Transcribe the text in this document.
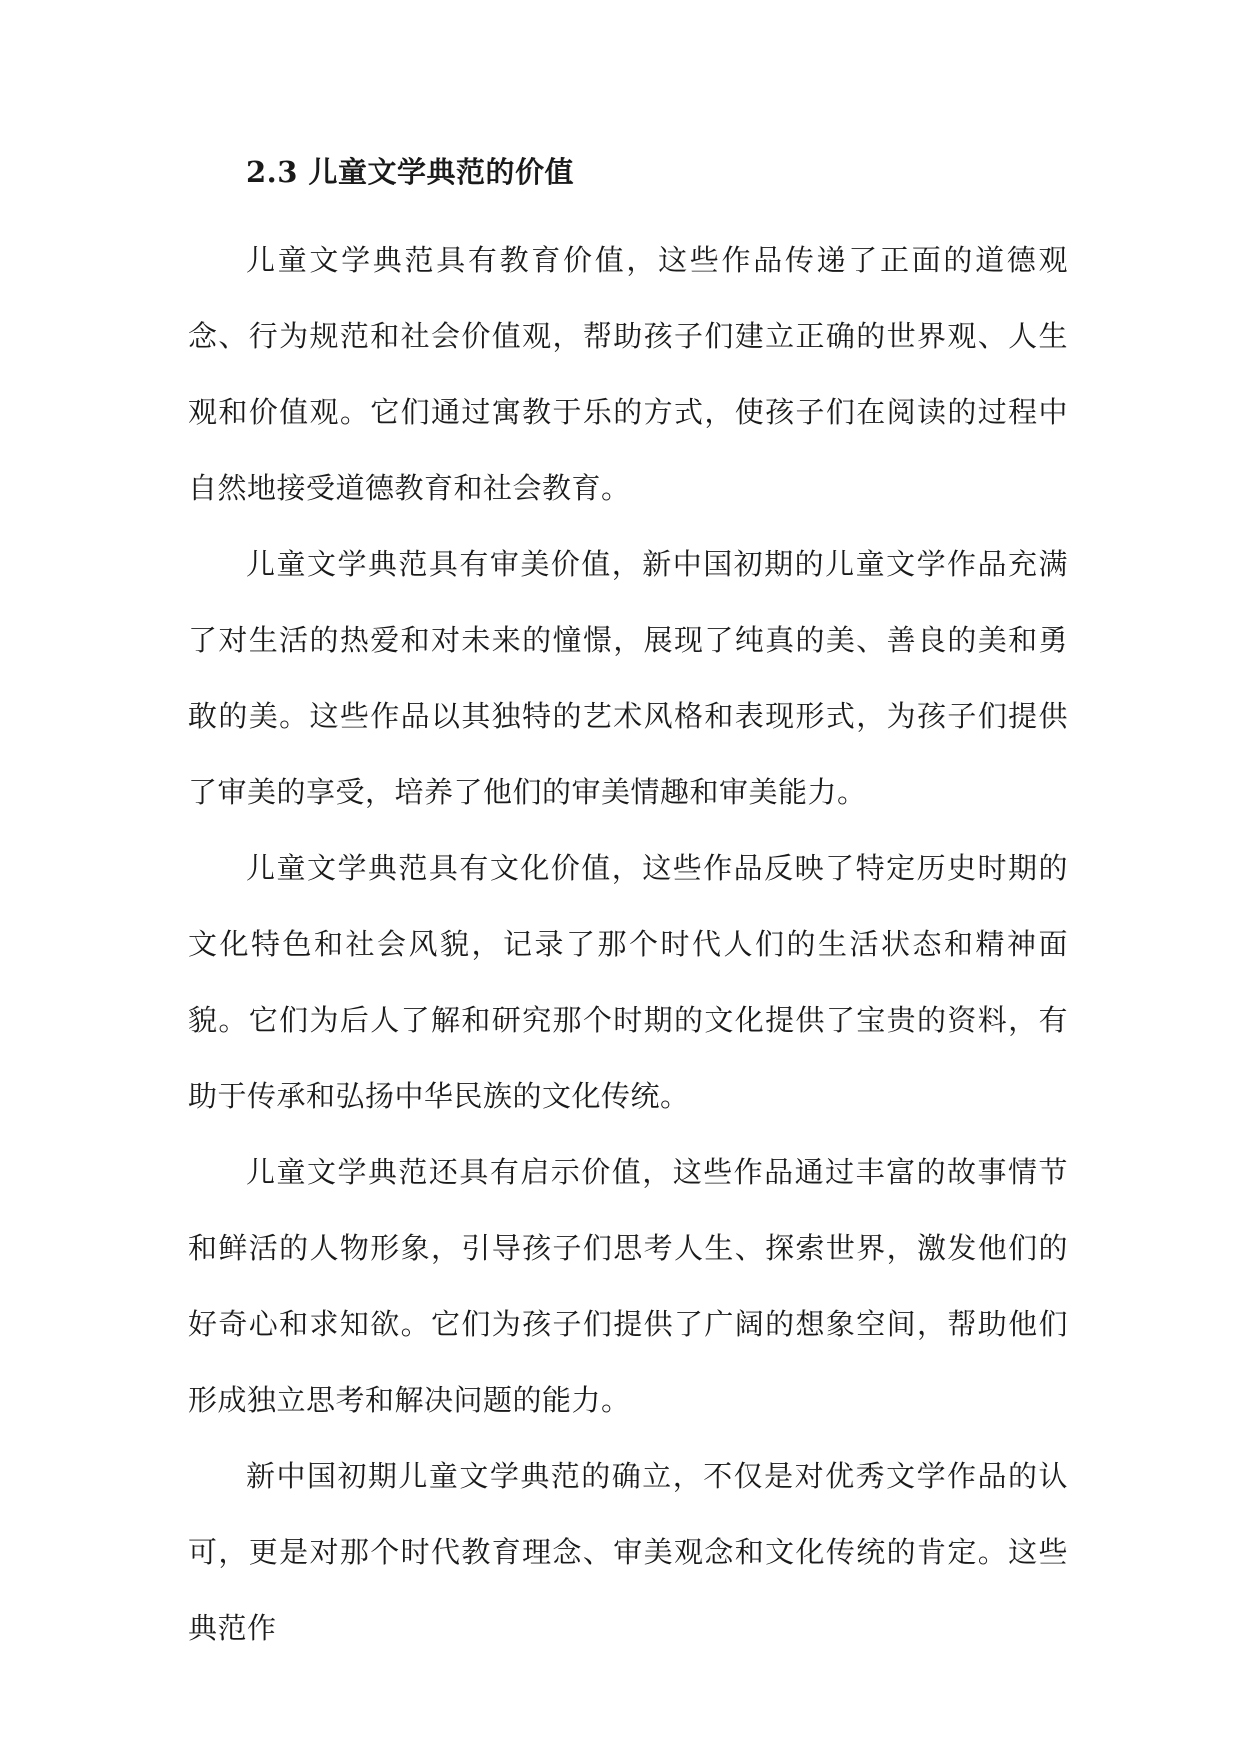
2.3 儿童文学典范的价值

儿童文学典范具有教育价值，这些作品传递了正面的道德观念、行为规范和社会价值观，帮助孩子们建立正确的世界观、人生观和价值观。它们通过寓教于乐的方式，使孩子们在阅读的过程中自然地接受道德教育和社会教育。

儿童文学典范具有审美价值，新中国初期的儿童文学作品充满了对生活的热爱和对未来的憧憬，展现了纯真的美、善良的美和勇敢的美。这些作品以其独特的艺术风格和表现形式，为孩子们提供了审美的享受，培养了他们的审美情趣和审美能力。

儿童文学典范具有文化价值，这些作品反映了特定历史时期的文化特色和社会风貌，记录了那个时代人们的生活状态和精神面貌。它们为后人了解和研究那个时期的文化提供了宝贵的资料，有助于传承和弘扬中华民族的文化传统。

儿童文学典范还具有启示价值，这些作品通过丰富的故事情节和鲜活的人物形象，引导孩子们思考人生、探索世界，激发他们的好奇心和求知欲。它们为孩子们提供了广阔的想象空间，帮助他们形成独立思考和解决问题的能力。

新中国初期儿童文学典范的确立，不仅是对优秀文学作品的认可，更是对那个时代教育理念、审美观念和文化传统的肯定。这些典范作
